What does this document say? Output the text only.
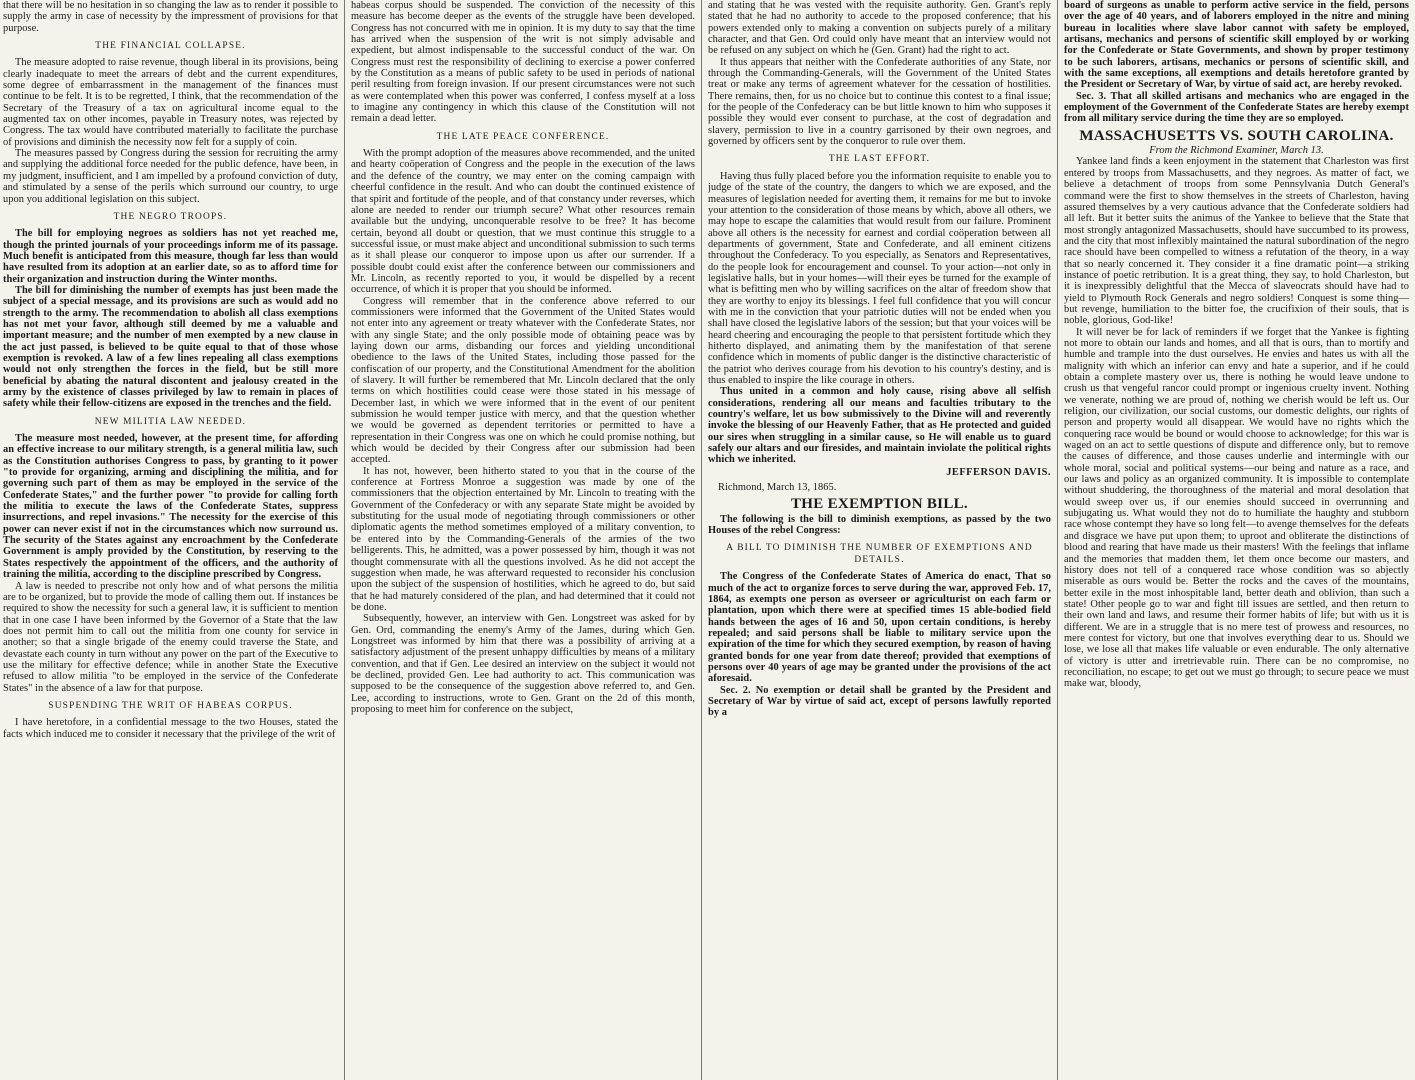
that there will be no hesitation in so changing the law as to render it possible to supply the army in case of necessity by the impressment of provisions for that purpose.

THE FINANCIAL COLLAPSE.

The measure adopted to raise revenue, though liberal in its provisions, being clearly inadequate to meet the arrears of debt and the current expenditures, some degree of embarrassment in the management of the finances must continue to be felt. It is to be regretted, I think, that the recommendation of the Secretary of the Treasury of a tax on agricultural income equal to the augmented tax on other incomes, payable in Treasury notes, was rejected by Congress. The tax would have contributed materially to facilitate the purchase of provisions and diminish the necessity now felt for a supply of coin.

The measures passed by Congress during the session for recruiting the army and supplying the additional force needed for the public defence, have been, in my judgment, insufficient, and I am impelled by a profound conviction of duty, and stimulated by a sense of the perils which surround our country, to urge upon you additional legislation on this subject.

THE NEGRO TROOPS.

The bill for employing negroes as soldiers has not yet reached me, though the printed journals of your proceedings inform me of its passage. Much benefit is anticipated from this measure, though far less than would have resulted from its adoption at an earlier date, so as to afford time for their organization and instruction during the Winter months.

The bill for diminishing the number of exempts has just been made the subject of a special message, and its provisions are such as would add no strength to the army. The recommendation to abolish all class exemptions has not met your favor, although still deemed by me a valuable and important measure; and the number of men exempted by a new clause in the act just passed, is believed to be quite equal to that of those whose exemption is revoked. A law of a few lines repealing all class exemptions would not only strengthen the forces in the field, but be still more beneficial by abating the natural discontent and jealousy created in the army by the existence of classes privileged by law to remain in places of safety while their fellow-citizens are exposed in the trenches and the field.

NEW MILITIA LAW NEEDED.

The measure most needed, however, at the present time, for affording an effective increase to our military strength, is a general militia law, such as the Constitution authorises Congress to pass, by granting to it power "to provide for organizing, arming and disciplining the militia, and for governing such part of them as may be employed in the service of the Confederate States," and the further power "to provide for calling forth the militia to execute the laws of the Confederate States, suppress insurrections, and repel invasions." The necessity for the exercise of this power can never exist if not in the circumstances which now surround us. The security of the States against any encroachment by the Confederate Government is amply provided by the Constitution, by reserving to the States respectively the appointment of the officers, and the authority of training the militia, according to the discipline prescribed by Congress.

A law is needed to prescribe not only how and of what persons the militia are to be organized, but to provide the mode of calling them out. If instances be required to show the necessity for such a general law, it is sufficient to mention that in one case I have been informed by the Governor of a State that the law does not permit him to call out the militia from one county for service in another; so that a single brigade of the enemy could traverse the State, and devastate each county in turn without any power on the part of the Executive to use the military for effective defence; while in another State the Executive refused to allow militia "to be employed in the service of the Confederate States" in the absence of a law for that purpose.

SUSPENDING THE WRIT OF HABEAS CORPUS.

I have heretofore, in a confidential message to the two Houses, stated the facts which induced me to consider it necessary that the privilege of the writ of

habeas corpus should be suspended. The conviction of the necessity of this measure has become deeper as the events of the struggle have been developed. Congress has not concurred with me in opinion. It is my duty to say that the time has arrived when the suspension of the writ is not simply advisable and expedient, but almost indispensable to the successful conduct of the war. On Congress must rest the responsibility of declining to exercise a power conferred by the Constitution as a means of public safety to be used in periods of national peril resulting from foreign invasion. If our present circumstances were not such as were contemplated when this power was conferred, I confess myself at a loss to imagine any contingency in which this clause of the Constitution will not remain a dead letter.

THE LATE PEACE CONFERENCE.

With the prompt adoption of the measures above recommended, and the united and hearty coöperation of Congress and the people in the execution of the laws and the defence of the country, we may enter on the coming campaign with cheerful confidence in the result. And who can doubt the continued existence of that spirit and fortitude of the people, and of that constancy under reverses, which alone are needed to render our triumph secure? What other resources remain available but the undying, unconquerable resolve to be free? It has become certain, beyond all doubt or question, that we must continue this struggle to a successful issue, or must make abject and unconditional submission to such terms as it shall please our conqueror to impose upon us after our surrender. If a possible doubt could exist after the conference between our commissioners and Mr. Lincoln, as recently reported to you, it would be dispelled by a recent occurrence, of which it is proper that you should be informed.

Congress will remember that in the conference above referred to our commissioners were informed that the Government of the United States would not enter into any agreement or treaty whatever with the Confederate States, nor with any single State; and the only possible mode of obtaining peace was by laying down our arms, disbanding our forces and yielding unconditional obedience to the laws of the United States, including those passed for the confiscation of our property, and the Constitutional Amendment for the abolition of slavery. It will further be remembered that Mr. Lincoln declared that the only terms on which hostilities could cease were those stated in his message of December last, in which we were informed that in the event of our penitent submission he would temper justice with mercy, and that the question whether we would be governed as dependent territories or permitted to have a representation in their Congress was one on which he could promise nothing, but which would be decided by their Congress after our submission had been accepted.

It has not, however, been hitherto stated to you that in the course of the conference at Fortress Monroe a suggestion was made by one of the commissioners that the objection entertained by Mr. Lincoln to treating with the Government of the Confederacy or with any separate State might be avoided by substituting for the usual mode of negotiating through commissioners or other diplomatic agents the method sometimes employed of a military convention, to be entered into by the Commanding-Generals of the armies of the two belligerents. This, he admitted, was a power possessed by him, though it was not thought commensurate with all the questions involved. As he did not accept the suggestion when made, he was afterward requested to reconsider his conclusion upon the subject of the suspension of hostilities, which he agreed to do, but said that he had maturely considered of the plan, and had determined that it could not be done.

Subsequently, however, an interview with Gen. Longstreet was asked for by Gen. Ord, commanding the enemy's Army of the James, during which Gen. Longstreet was informed by him that there was a possibility of arriving at a satisfactory adjustment of the present unhappy difficulties by means of a military convention, and that if Gen. Lee desired an interview on the subject it would not be declined, provided Gen. Lee had authority to act. This communication was supposed to be the consequence of the suggestion above referred to, and Gen. Lee, according to instructions, wrote to Gen. Grant on the 2d of this month, proposing to meet him for conference on the subject,

and stating that he was vested with the requisite authority. Gen. Grant's reply stated that he had no authority to accede to the proposed conference; that his powers extended only to making a convention on subjects purely of a military character, and that Gen. Ord could only have meant that an interview would not be refused on any subject on which he (Gen. Grant) had the right to act.

It thus appears that neither with the Confederate authorities of any State, nor through the Commanding-Generals, will the Government of the United States treat or make any terms of agreement whatever for the cessation of hostilities. There remains, then, for us no choice but to continue this contest to a final issue; for the people of the Confederacy can be but little known to him who supposes it possible they would ever consent to purchase, at the cost of degradation and slavery, permission to live in a country garrisoned by their own negroes, and governed by officers sent by the conqueror to rule over them.

THE LAST EFFORT.

Having thus fully placed before you the information requisite to enable you to judge of the state of the country, the dangers to which we are exposed, and the measures of legislation needed for averting them, it remains for me but to invoke your attention to the consideration of those means by which, above all others, we may hope to escape the calamities that would result from our failure. Prominent above all others is the necessity for earnest and cordial coöperation between all departments of government, State and Confederate, and all eminent citizens throughout the Confederacy. To you especially, as Senators and Representatives, do the people look for encouragement and counsel. To your action—not only in legislative halls, but in your homes—will their eyes be turned for the example of what is befitting men who by willing sacrifices on the altar of freedom show that they are worthy to enjoy its blessings. I feel full confidence that you will concur with me in the conviction that your patriotic duties will not be ended when you shall have closed the legislative labors of the session; but that your voices will be heard cheering and encouraging the people to that persistent fortitude which they hitherto displayed, and animating them by the manifestation of that serene confidence which in moments of public danger is the distinctive characteristic of the patriot who derives courage from his devotion to his country's destiny, and is thus enabled to inspire the like courage in others.

Thus united in a common and holy cause, rising above all selfish considerations, rendering all our means and faculties tributary to the country's welfare, let us bow submissively to the Divine will and reverently invoke the blessing of our Heavenly Father, that as He protected and guided our sires when struggling in a similar cause, so He will enable us to guard safely our altars and our firesides, and maintain inviolate the political rights which we inherited.

JEFFERSON DAVIS.
Richmond, March 13, 1865.
THE EXEMPTION BILL.

The following is the bill to diminish exemptions, as passed by the two Houses of the rebel Congress:

A BILL TO DIMINISH THE NUMBER OF EXEMPTIONS AND DETAILS.

The Congress of the Confederate States of America do enact, That so much of the act to organize forces to serve during the war, approved Feb. 17, 1864, as exempts one person as overseer or agriculturist on each farm or plantation, upon which there were at specified times 15 able-bodied field hands between the ages of 16 and 50, upon certain conditions, is hereby repealed; and said persons shall be liable to military service upon the expiration of the time for which they secured exemption, by reason of having granted bonds for one year from date thereof; provided that exemptions of persons over 40 years of age may be granted under the provisions of the act aforesaid.

Sec. 2. No exemption or detail shall be granted by the President and Secretary of War by virtue of said act, except of persons lawfully reported by a

board of surgeons as unable to perform active service in the field, persons over the age of 40 years, and of laborers employed in the nitre and mining bureau in localities where slave labor cannot with safety be employed, artisans, mechanics and persons of scientific skill employed by or working for the Confederate or State Governments, and shown by proper testimony to be such laborers, artisans, mechanics or persons of scientific skill, and with the same exceptions, all exemptions and details heretofore granted by the President or Secretary of War, by virtue of said act, are hereby revoked.

Sec. 3. That all skilled artisans and mechanics who are engaged in the employment of the Government of the Confederate States are hereby exempt from all military service during the time they are so employed.

MASSACHUSETTS VS. SOUTH CAROLINA.
From the Richmond Examiner, March 13.

Yankee land finds a keen enjoyment in the statement that Charleston was first entered by troops from Massachusetts, and they negroes. As matter of fact, we believe a detachment of troops from some Pennsylvania Dutch General's command were the first to show themselves in the streets of Charleston, having assured themselves by a very cautious advance that the Confederate soldiers had all left. But it better suits the animus of the Yankee to believe that the State that most strongly antagonized Massachusetts, should have succumbed to its prowess, and the city that most inflexibly maintained the natural subordination of the negro race should have been compelled to witness a refutation of the theory, in a way that so nearly concerned it. They consider it a fine dramatic point—a striking instance of poetic retribution. It is a great thing, they say, to hold Charleston, but it is inexpressibly delightful that the Mecca of slaveocrats should have had to yield to Plymouth Rock Generals and negro soldiers! Conquest is some thing—but revenge, humiliation to the bitter foe, the crucifixion of their souls, that is noble, glorious, God-like!

It will never be for lack of reminders if we forget that the Yankee is fighting not more to obtain our lands and homes, and all that is ours, than to mortify and humble and trample into the dust ourselves. He envies and hates us with all the malignity with which an inferior can envy and hate a superior, and if he could obtain a complete mastery over us, there is nothing he would leave undone to crush us that vengeful rancor could prompt or ingenious cruelty invent. Nothing we venerate, nothing we are proud of, nothing we cherish would be left us. Our religion, our civilization, our social customs, our domestic delights, our rights of person and property would all disappear. We would have no rights which the conquering race would be bound or would choose to acknowledge; for this war is waged on an act to settle questions of dispute and difference only, but to remove the causes of difference, and those causes underlie and intermingle with our whole moral, social and political systems—our being and nature as a race, and our laws and policy as an organized community. It is impossible to contemplate without shuddering, the thoroughness of the material and moral desolation that would sweep over us, if our enemies should succeed in overrunning and subjugating us. What would they not do to humiliate the haughty and stubborn race whose contempt they have so long felt—to avenge themselves for the defeats and disgrace we have put upon them; to uproot and obliterate the distinctions of blood and rearing that have made us their masters! With the feelings that inflame and the memories that madden them, let them once become our masters, and history does not tell of a conquered race whose condition was so abjectly miserable as ours would be. Better the rocks and the caves of the mountains, better exile in the most inhospitable land, better death and oblivion, than such a state! Other people go to war and fight till issues are settled, and then return to their own land and laws, and resume their former habits of life; but with us it is different. We are in a struggle that is no mere test of prowess and resources, no mere contest for victory, but one that involves everything dear to us. Should we lose, we lose all that makes life valuable or even endurable. The only alternative of victory is utter and irretrievable ruin. There can be no compromise, no reconciliation, no escape; to get out we must go through; to secure peace we must make war, bloody,
